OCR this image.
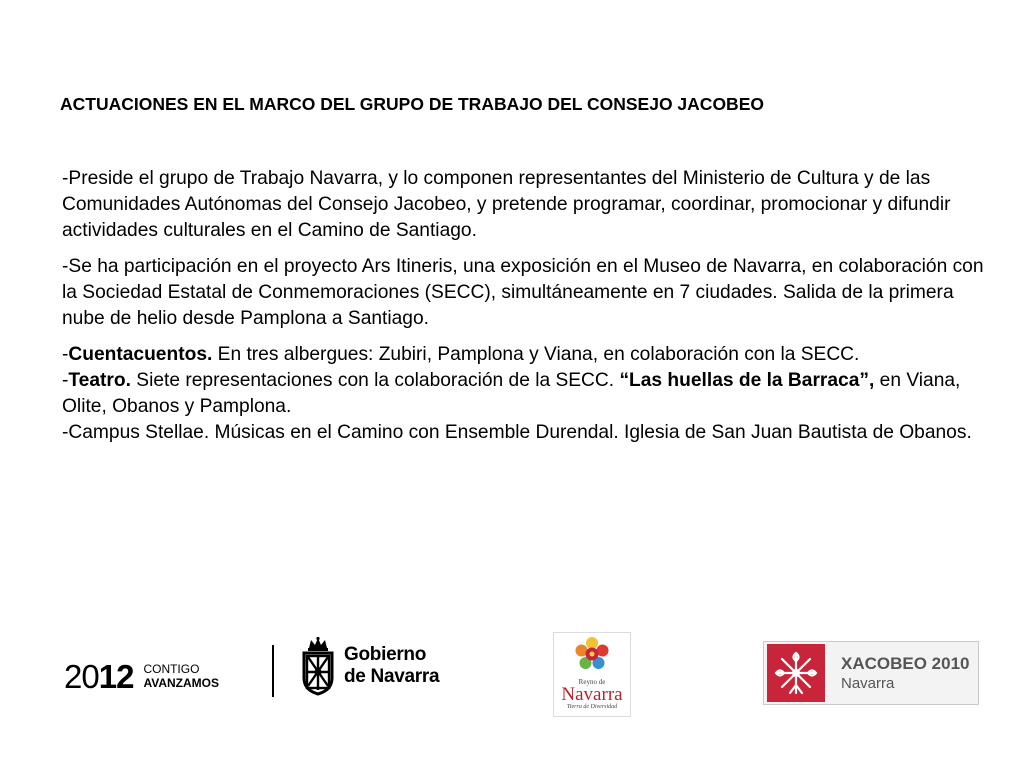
ACTUACIONES EN EL MARCO DEL GRUPO DE TRABAJO DEL CONSEJO JACOBEO

-Preside el grupo de Trabajo Navarra, y lo componen representantes del Ministerio de Cultura y de las Comunidades Autónomas del Consejo Jacobeo, y pretende programar, coordinar, promocionar y difundir actividades culturales en el Camino de Santiago.

-Se ha participación en el proyecto Ars Itineris, una exposición en el Museo de Navarra, en colaboración con la Sociedad Estatal de Conmemoraciones (SECC), simultáneamente en 7 ciudades. Salida de la primera nube de helio desde Pamplona a Santiago.

-Cuentacuentos. En tres albergues: Zubiri, Pamplona y Viana, en colaboración con la SECC.

-Teatro. Siete representaciones con la colaboración de la SECC. “Las huellas de la Barraca”, en Viana, Olite, Obanos y Pamplona.

-Campus Stellae. Músicas en el Camino con Ensemble Durendal. Iglesia de San Juan Bautista de Obanos.

2012 CONTIGO
AVANZAMOS
Gobierno
de Navarra	Reyno de
Navarra
Tierra de Diversidad
XACOBEO 2010
Navarra
